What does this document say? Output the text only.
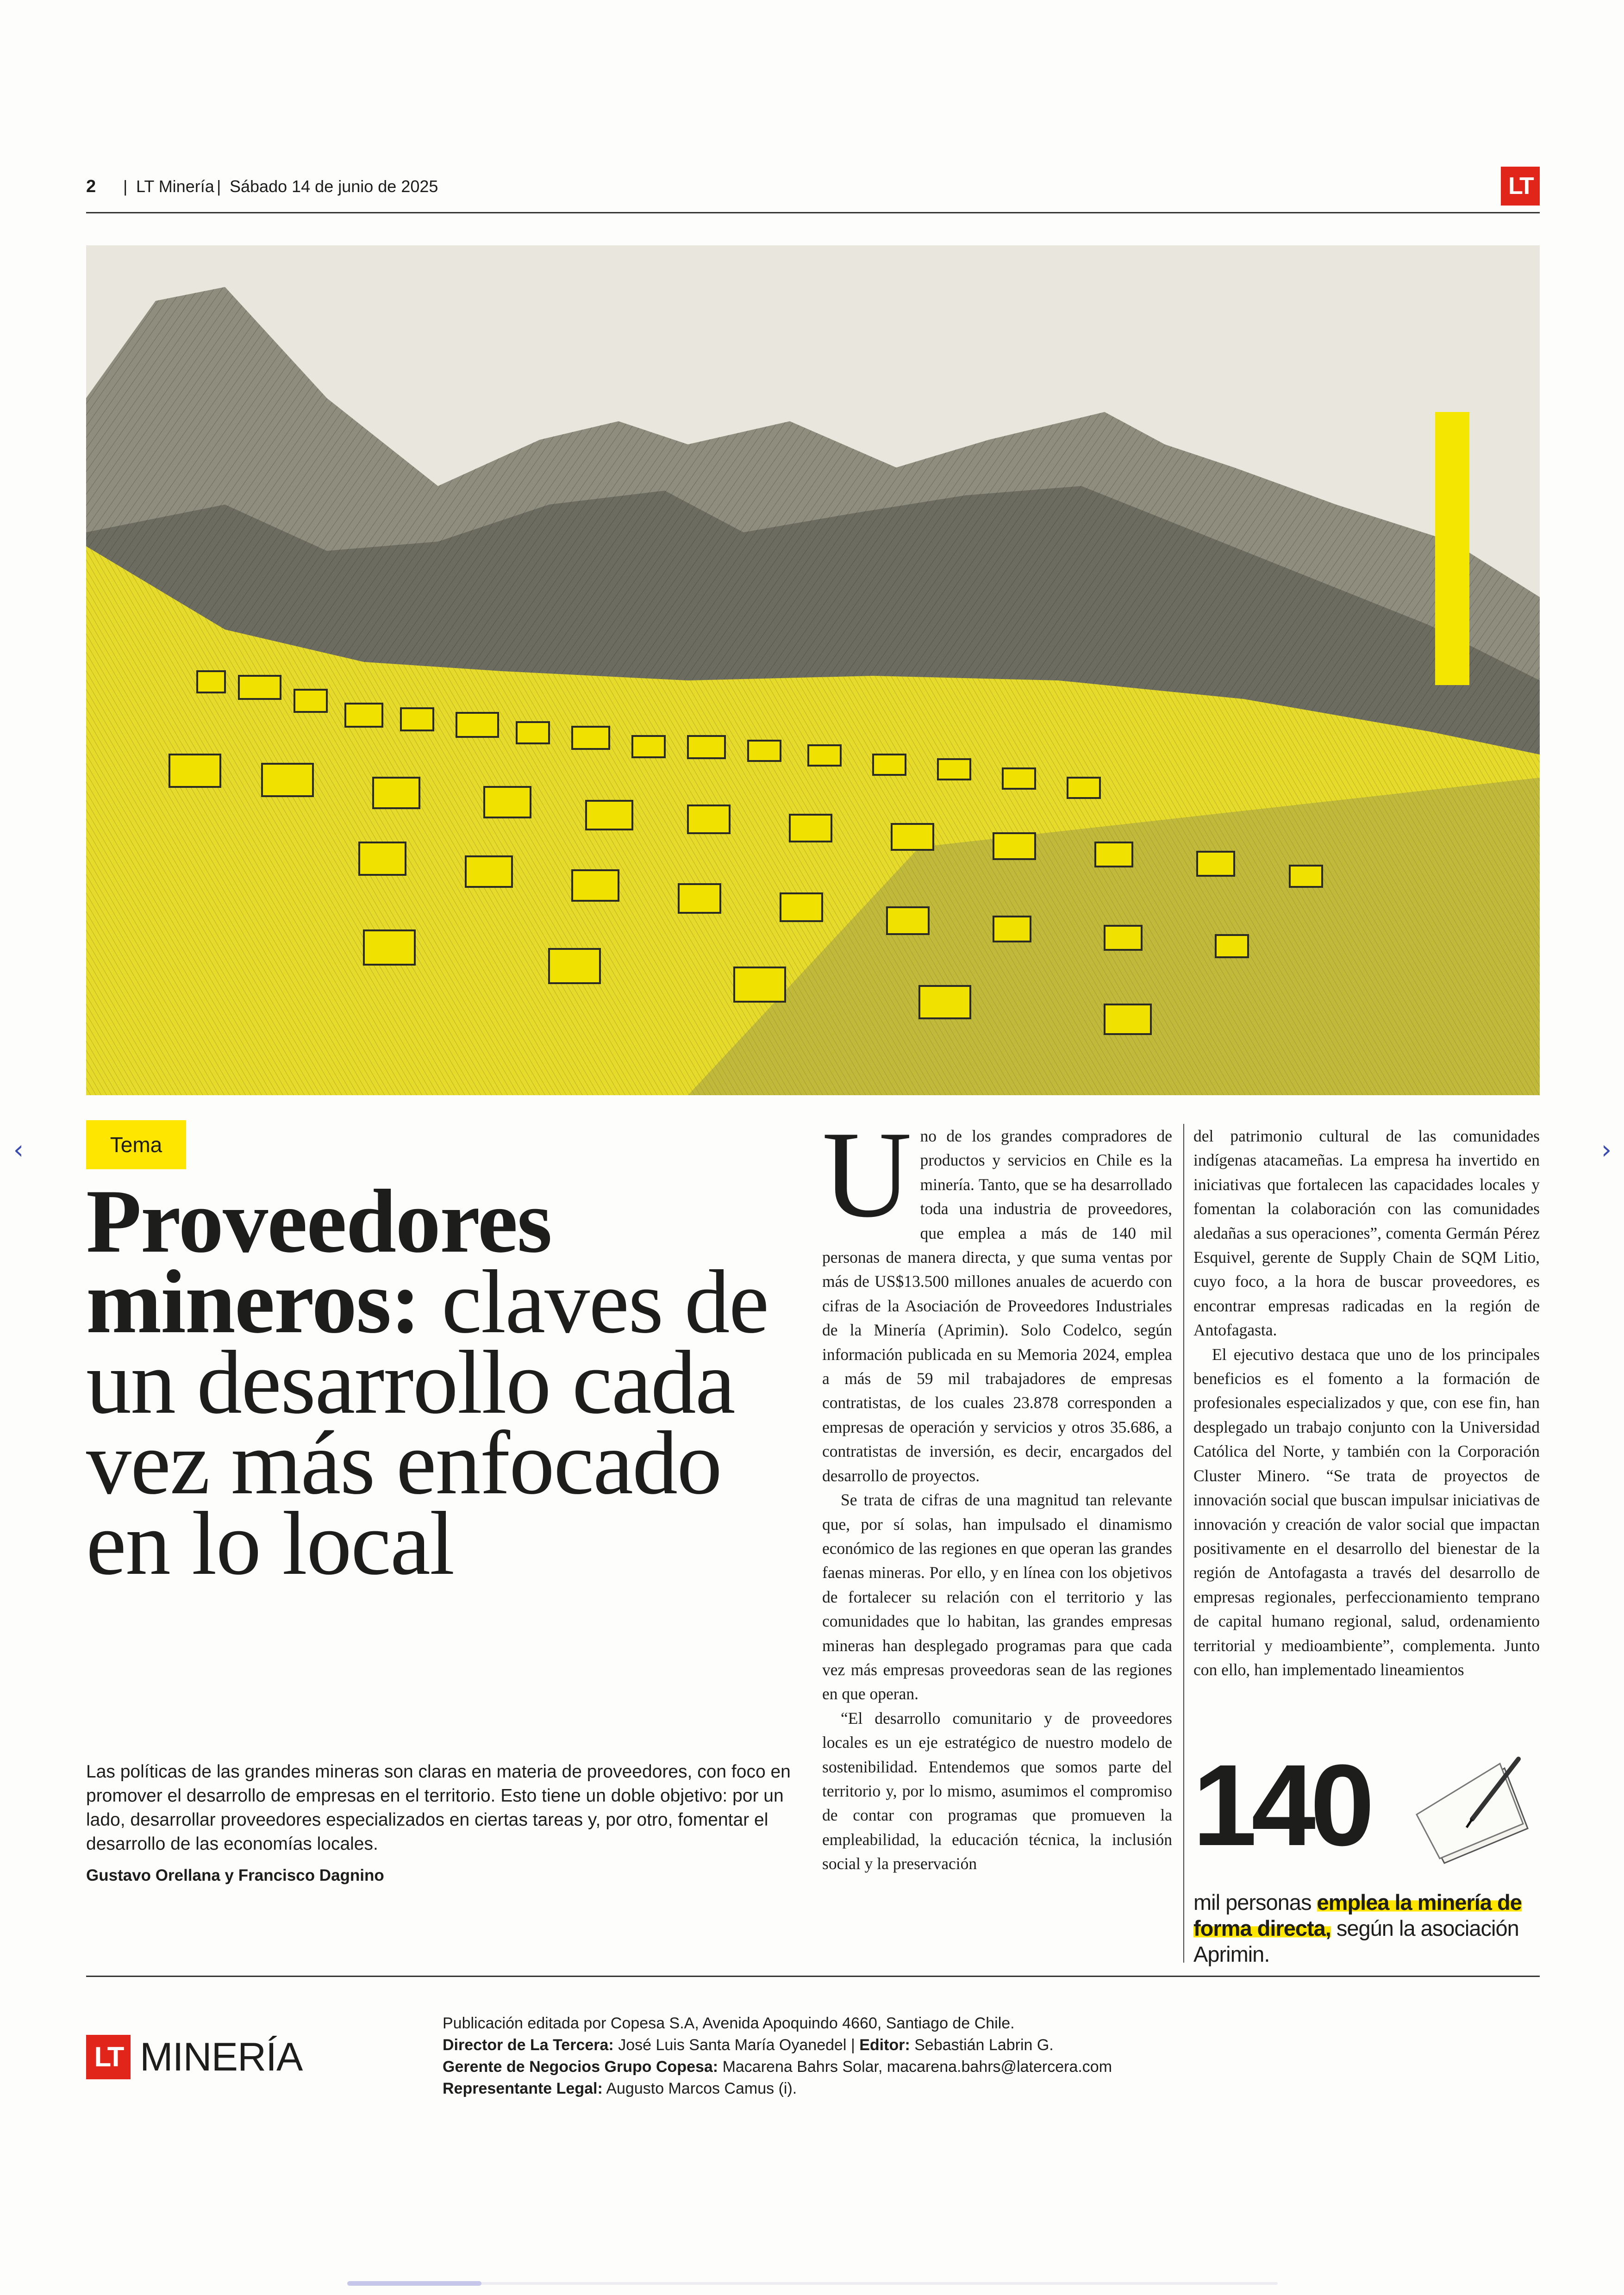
2 | LT Minería | Sábado 14 de junio de 2025	LT
‹	›
Tema
Proveedores mineros: claves de un desarrollo cada vez más enfocado en lo local
Las políticas de las grandes mineras son claras en materia de proveedores, con foco en promover el desarrollo de empresas en el territorio. Esto tiene un doble objetivo: por un lado, desarrollar proveedores especializados en ciertas tareas y, por otro, fomentar el desarrollo de las economías locales.
Gustavo Orellana y Francisco Dagnino

Uno de los grandes compradores de productos y servicios en Chile es la minería. Tanto, que se ha desarrollado toda una industria de proveedores, que emplea a más de 140 mil personas de manera directa, y que suma ventas por más de US$13.500 millones anuales de acuerdo con cifras de la Asociación de Proveedores Industriales de la Minería (Aprimin). Solo Codelco, según información publicada en su Memoria 2024, emplea a más de 59 mil trabajadores de empresas contratistas, de los cuales 23.878 corresponden a empresas de operación y servicios y otros 35.686, a contratistas de inversión, es decir, encargados del desarrollo de proyectos.

Se trata de cifras de una magnitud tan relevante que, por sí solas, han impulsado el dinamismo económico de las regiones en que operan las grandes faenas mineras. Por ello, y en línea con los objetivos de fortalecer su relación con el territorio y las comunidades que lo habitan, las grandes empresas mineras han desplegado programas para que cada vez más empresas proveedoras sean de las regiones en que operan.

“El desarrollo comunitario y de proveedores locales es un eje estratégico de nuestro modelo de sostenibilidad. Entendemos que somos parte del territorio y, por lo mismo, asumimos el compromiso de contar con programas que promueven la empleabilidad, la educación técnica, la inclusión social y la preservación

del patrimonio cultural de las comunidades indígenas atacameñas. La empresa ha invertido en iniciativas que fortalecen las capacidades locales y fomentan la colaboración con las comunidades aledañas a sus operaciones”, comenta Germán Pérez Esquivel, gerente de Supply Chain de SQM Litio, cuyo foco, a la hora de buscar proveedores, es encontrar empresas radicadas en la región de Antofagasta.

El ejecutivo destaca que uno de los principales beneficios es el fomento a la formación de profesionales especializados y que, con ese fin, han desplegado un trabajo conjunto con la Universidad Católica del Norte, y también con la Corporación Cluster Minero. “Se trata de proyectos de innovación social que buscan impulsar iniciativas de innovación y creación de valor social que impactan positivamente en el desarrollo del bienestar de la región de Antofagasta a través del desarrollo de empresas regionales, perfeccionamiento temprano de capital humano regional, salud, ordenamiento territorial y medioambiente”, complementa. Junto con ello, han implementado lineamientos

140
mil personas emplea la minería de forma directa, según la asociación Aprimin.
LT MINERÍA
Publicación editada por Copesa S.A, Avenida Apoquindo 4660, Santiago de Chile.
Director de La Tercera: José Luis Santa María Oyanedel | Editor: Sebastián Labrin G.
Gerente de Negocios Grupo Copesa: Macarena Bahrs Solar, macarena.bahrs@latercera.com
Representante Legal: Augusto Marcos Camus (i).
